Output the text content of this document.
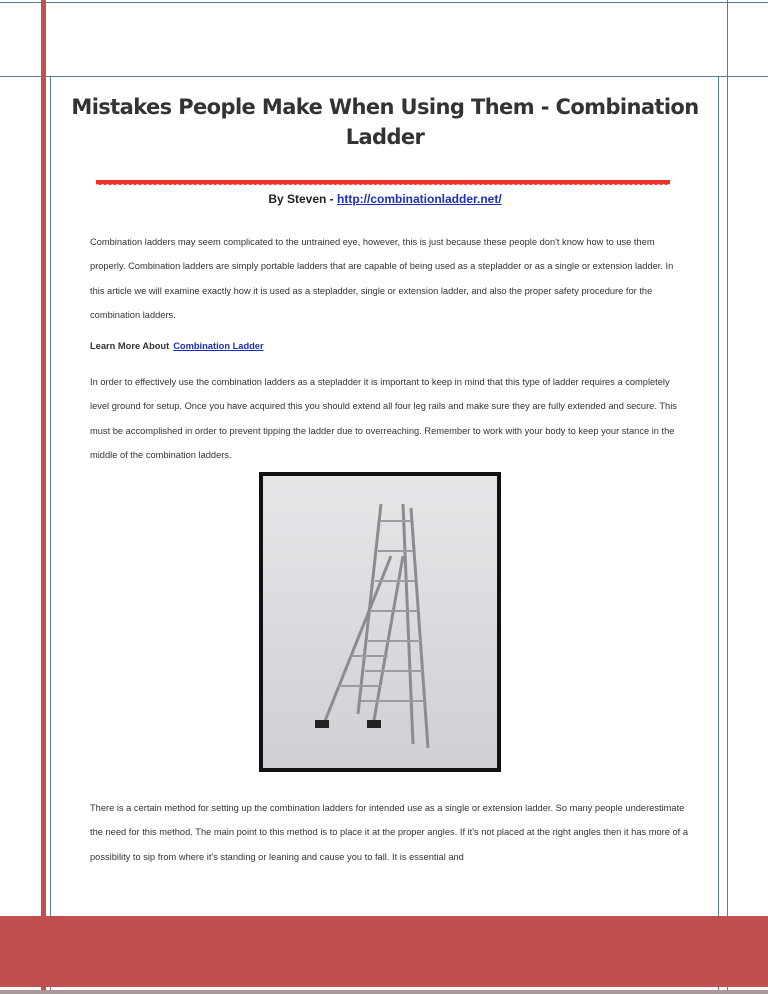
Mistakes People Make When Using Them - Combination Ladder
By Steven - http://combinationladder.net/
Combination ladders may seem complicated to the untrained eye, however, this is just because these people don't know how to use them properly. Combination ladders are simply portable ladders that are capable of being used as a stepladder or as a single or extension ladder. In this article we will examine exactly how it is used as a stepladder, single or extension ladder, and also the proper safety procedure for the combination ladders.
Learn More About Combination Ladder
In order to effectively use the combination ladders as a stepladder it is important to keep in mind that this type of ladder requires a completely level ground for setup. Once you have acquired this you should extend all four leg rails and make sure they are fully extended and secure. This must be accomplished in order to prevent tipping the ladder due to overreaching. Remember to work with your body to keep your stance in the middle of the combination ladders.
There is a certain method for setting up the combination ladders for intended use as a single or extension ladder. So many people underestimate the need for this method. The main point to this method is to place it at the proper angles. If it's not placed at the right angles then it has more of a possibility to sip from where it's standing or leaning and cause you to fall. It is essential and
